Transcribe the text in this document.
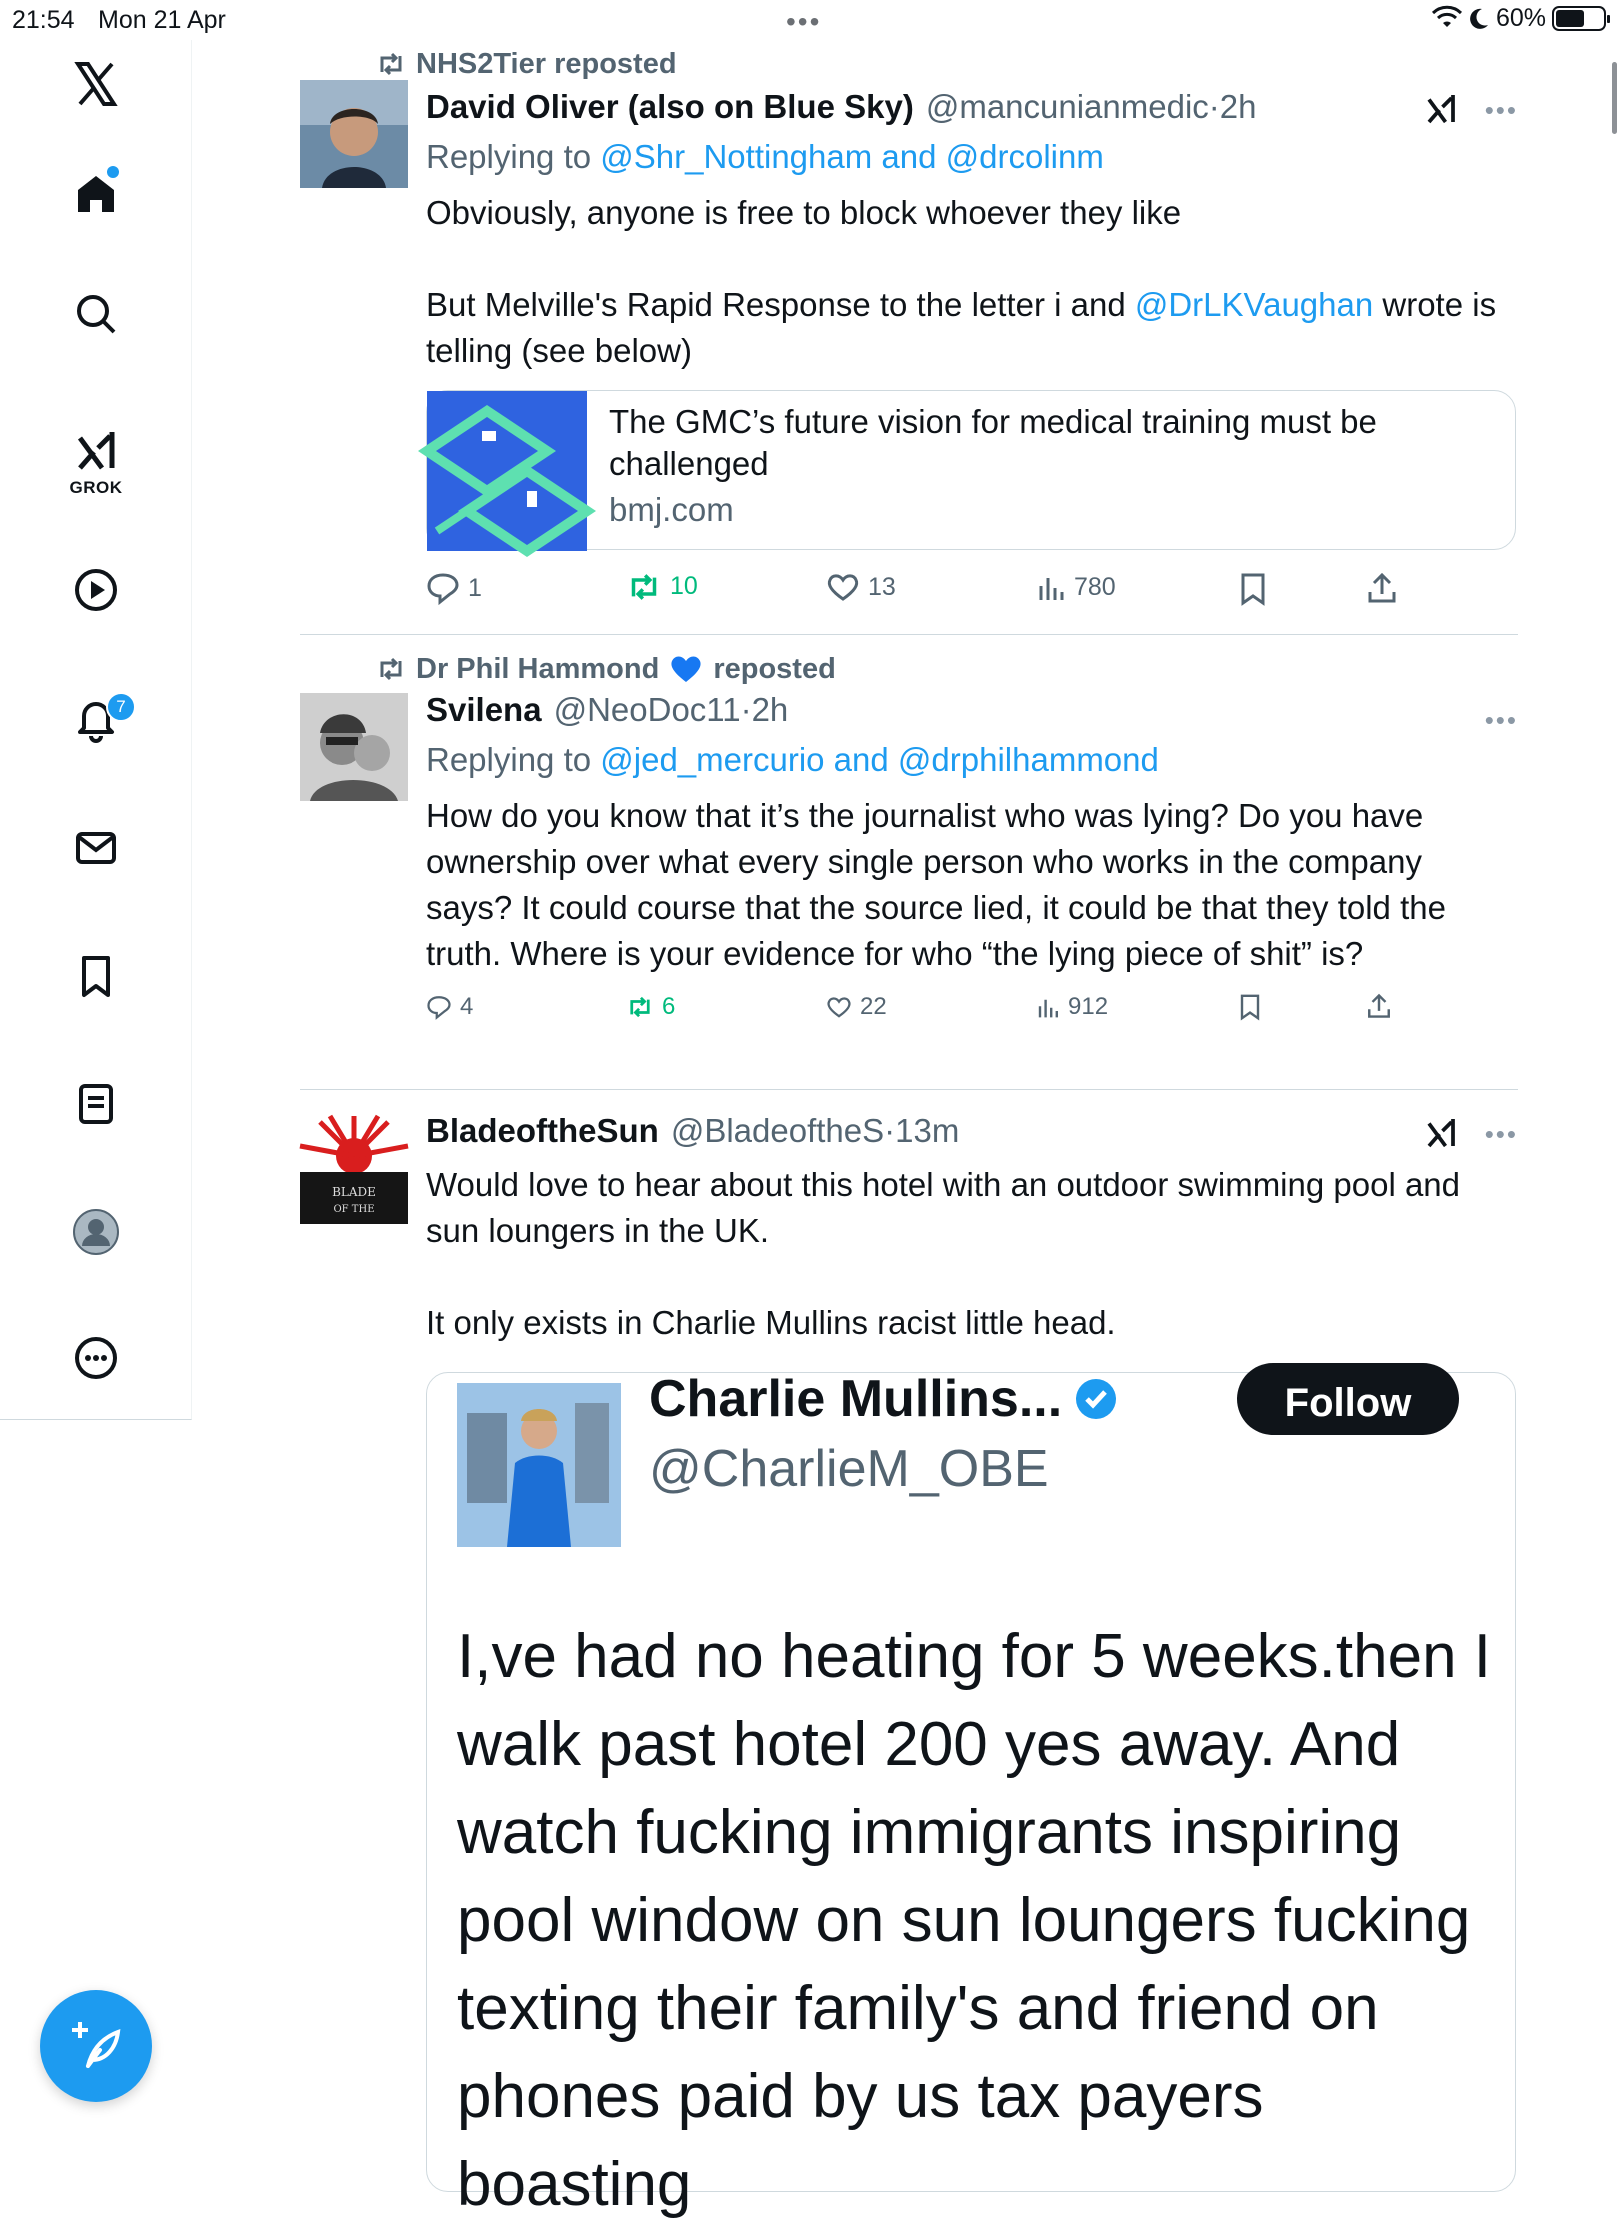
21:54 Mon 21 Apr	•••	60%
GROK
7
NHS2Tier reposted
David Oliver (also on Blue Sky) @mancunianmedic · 2h	•••
Replying to @Shr_Nottingham and @drcolinm

Obviously, anyone is free to block whoever they like

But Melville's Rapid Response to the letter i and @DrLKVaughan wrote is telling (see below)

The GMC’s future vision for medical training must be challenged
bmj.com
1	10	13	780
Dr Phil Hammond reposted
Svilena @NeoDoc11 · 2h	•••
Replying to @jed_mercurio and @drphilhammond
How do you know that it’s the journalist who was lying? Do you have ownership over what every single person who works in the company says? It could course that the source lied, it could be that they told the truth. Where is your evidence for who “the lying piece of shit” is?
4	6	22	912
BLADE
OF THE
BladeoftheSun @BladeoftheS · 13m	•••

Would love to hear about this hotel with an outdoor swimming pool and sun loungers in the UK.

It only exists in Charlie Mullins racist little head.

Charlie Mullins...
@CharlieM_OBE
Follow
I,ve had no heating for 5 weeks.then I walk past hotel 200 yes away. And watch fucking immigrants inspiring pool window on sun loungers fucking texting their family's and friend on phones paid by us tax payers boasting
